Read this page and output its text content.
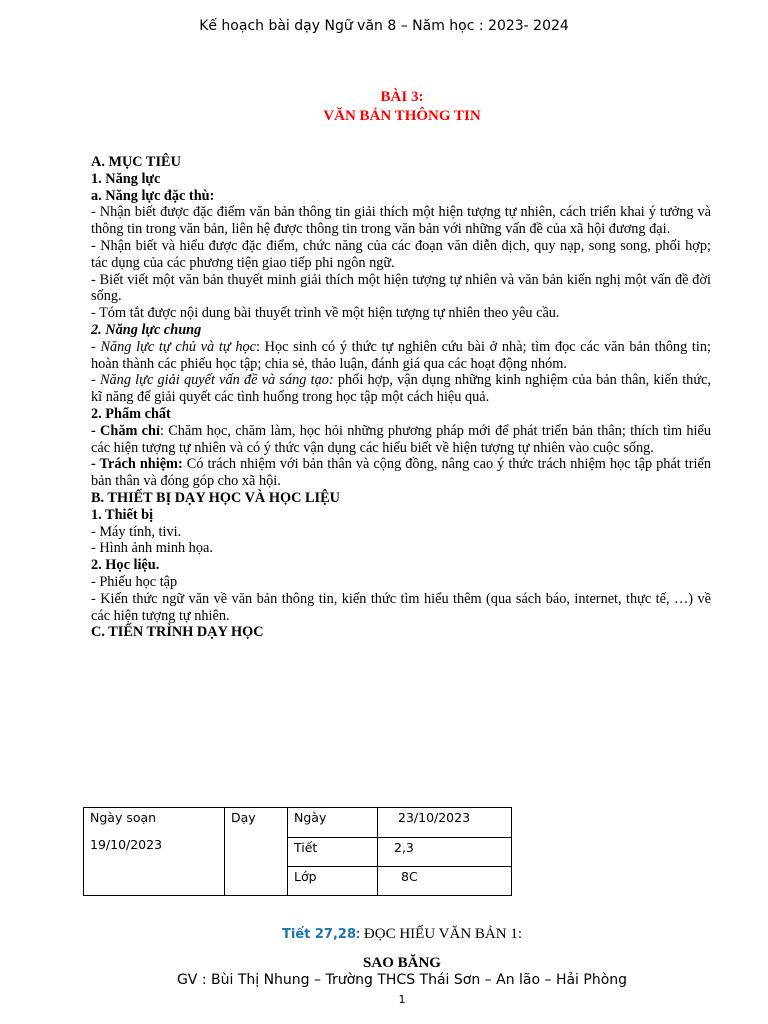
Kế hoạch bài dạy Ngữ văn 8 – Năm học : 2023- 2024
BÀI 3:
VĂN BẢN THÔNG TIN

A. MỤC TIÊU

1. Năng lực

a. Năng lực đặc thù:

- Nhận biết được đặc điểm văn bản thông tin giải thích một hiện tượng tự nhiên, cách triển khai ý tưởng và thông tin trong văn bản, liên hệ được thông tin trong văn bản với những vấn đề của xã hội đương đại.

- Nhận biết và hiểu được đặc điểm, chức năng của các đoạn văn diễn dịch, quy nạp, song song, phối hợp; tác dụng của các phương tiện giao tiếp phi ngôn ngữ.

- Biết viết một văn bản thuyết minh giải thích một hiện tượng tự nhiên và văn bản kiến nghị một vấn đề đời sống.

- Tóm tắt được nội dung bài thuyết trình về một hiện tượng tự nhiên theo yêu cầu.

2. Năng lực chung

- Năng lực tự chủ và tự học: Học sinh có ý thức tự nghiên cứu bài ở nhà; tìm đọc các văn bản thông tin; hoàn thành các phiếu học tập; chia sẻ, thảo luận, đánh giá qua các hoạt động nhóm.

- Năng lực giải quyết vấn đề và sáng tạo: phối hợp, vận dụng những kinh nghiệm của bản thân, kiến thức, kĩ năng để giải quyết các tình huống trong học tập một cách hiệu quả.

2. Phẩm chất

- Chăm chỉ: Chăm học, chăm làm, học hỏi những phương pháp mới để phát triển bản thân; thích tìm hiểu các hiện tượng tự nhiên và có ý thức vận dụng các hiểu biết về hiện tượng tự nhiên vào cuộc sống.

- Trách nhiệm: Có trách nhiệm với bản thân và cộng đồng, nâng cao ý thức trách nhiệm học tập phát triển bản thân và đóng góp cho xã hội.

B. THIẾT BỊ DẠY HỌC VÀ HỌC LIỆU

1. Thiết bị

- Máy tính, tivi.

- Hình ảnh minh họa.

2. Học liệu.

- Phiếu học tập

- Kiến thức ngữ văn về văn bản thông tin, kiến thức tìm hiểu thêm (qua sách báo, internet, thực tế, …) về các hiện tượng tự nhiên.

C. TIẾN TRÌNH DẠY HỌC

Ngày soạn
19/10/2023	Dạy	Ngày	23/10/2023
		Tiết	2,3
		Lớp	8C
Tiết 27,28: ĐỌC HIỂU VĂN BẢN 1:
SAO BĂNG
GV : Bùi Thị Nhung – Trường THCS Thái Sơn – An lão – Hải Phòng
1
